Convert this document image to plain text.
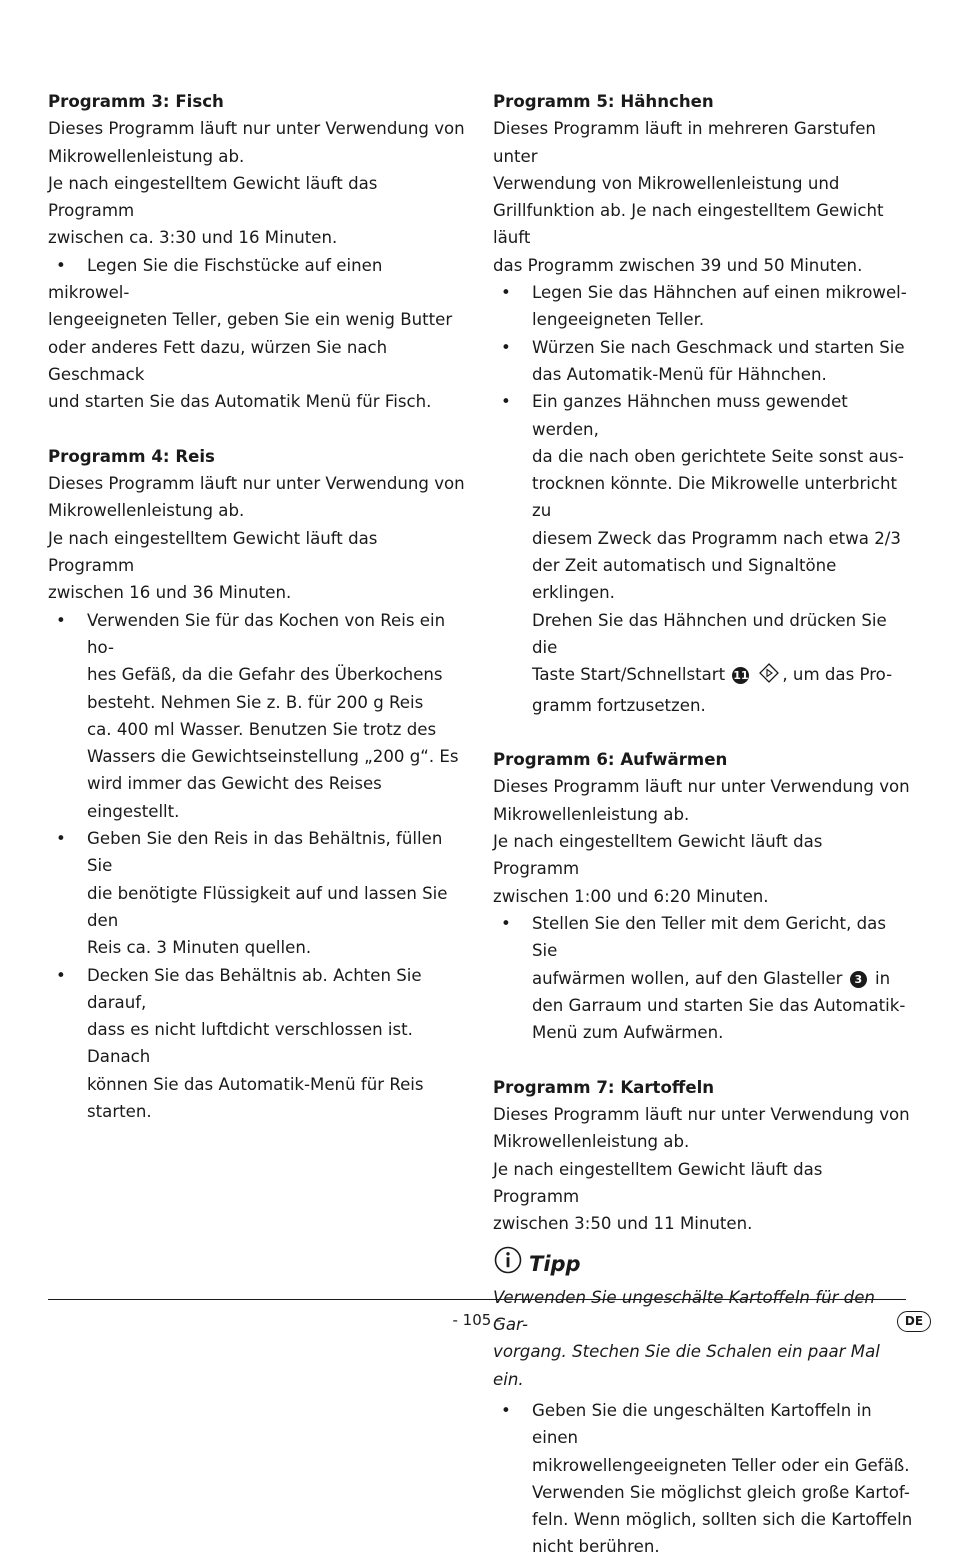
Programm 3: Fisch
Dieses Programm läuft nur unter Verwendung von
Mikrowellenleistung ab.
Je nach eingestelltem Gewicht läuft das Programm
zwischen ca. 3:30 und 16 Minuten.
• Legen Sie die Fischstücke auf einen mikrowel-
lengeeigneten Teller, geben Sie ein wenig Butter
oder anderes Fett dazu, würzen Sie nach Geschmack
und starten Sie das Automatik Menü für Fisch.
Programm 4: Reis
Dieses Programm läuft nur unter Verwendung von
Mikrowellenleistung ab.
Je nach eingestelltem Gewicht läuft das Programm
zwischen 16 und 36 Minuten.
• Verwenden Sie für das Kochen von Reis ein ho-
hes Gefäß, da die Gefahr des Überkochens
besteht. Nehmen Sie z. B. für 200 g Reis
ca. 400 ml Wasser. Benutzen Sie trotz des
Wassers die Gewichtseinstellung „200 g“. Es
wird immer das Gewicht des Reises eingestellt.
• Geben Sie den Reis in das Behältnis, füllen Sie
die benötigte Flüssigkeit auf und lassen Sie den
Reis ca. 3 Minuten quellen.
• Decken Sie das Behältnis ab. Achten Sie darauf,
dass es nicht luftdicht verschlossen ist. Danach
können Sie das Automatik-Menü für Reis starten.
Programm 5: Hähnchen
Dieses Programm läuft in mehreren Garstufen unter
Verwendung von Mikrowellenleistung und
Grillfunktion ab. Je nach eingestelltem Gewicht läuft
das Programm zwischen 39 und 50 Minuten.
• Legen Sie das Hähnchen auf einen mikrowel-
lengeeigneten Teller.
• Würzen Sie nach Geschmack und starten Sie
das Automatik-Menü für Hähnchen.
• Ein ganzes Hähnchen muss gewendet werden,
da die nach oben gerichtete Seite sonst aus-
trocknen könnte. Die Mikrowelle unterbricht zu
diesem Zweck das Programm nach etwa 2/3
der Zeit automatisch und Signaltöne erklingen.
Drehen Sie das Hähnchen und drücken Sie die
Taste Start/Schnellstart 11 , um das Pro-
gramm fortzusetzen.
Programm 6: Aufwärmen
Dieses Programm läuft nur unter Verwendung von
Mikrowellenleistung ab.
Je nach eingestelltem Gewicht läuft das Programm
zwischen 1:00 und 6:20 Minuten.
• Stellen Sie den Teller mit dem Gericht, das Sie
aufwärmen wollen, auf den Glasteller 3 in
den Garraum und starten Sie das Automatik-
Menü zum Aufwärmen.
Programm 7: Kartoffeln
Dieses Programm läuft nur unter Verwendung von
Mikrowellenleistung ab.
Je nach eingestelltem Gewicht läuft das Programm
zwischen 3:50 und 11 Minuten.
Tipp
Verwenden Sie ungeschälte Kartoffeln für den Gar-
vorgang. Stechen Sie die Schalen ein paar Mal ein.
• Geben Sie die ungeschälten Kartoffeln in einen
mikrowellengeeigneten Teller oder ein Gefäß.
Verwenden Sie möglichst gleich große Kartof-
feln. Wenn möglich, sollten sich die Kartoffeln
nicht berühren.
- 105 -	DE
